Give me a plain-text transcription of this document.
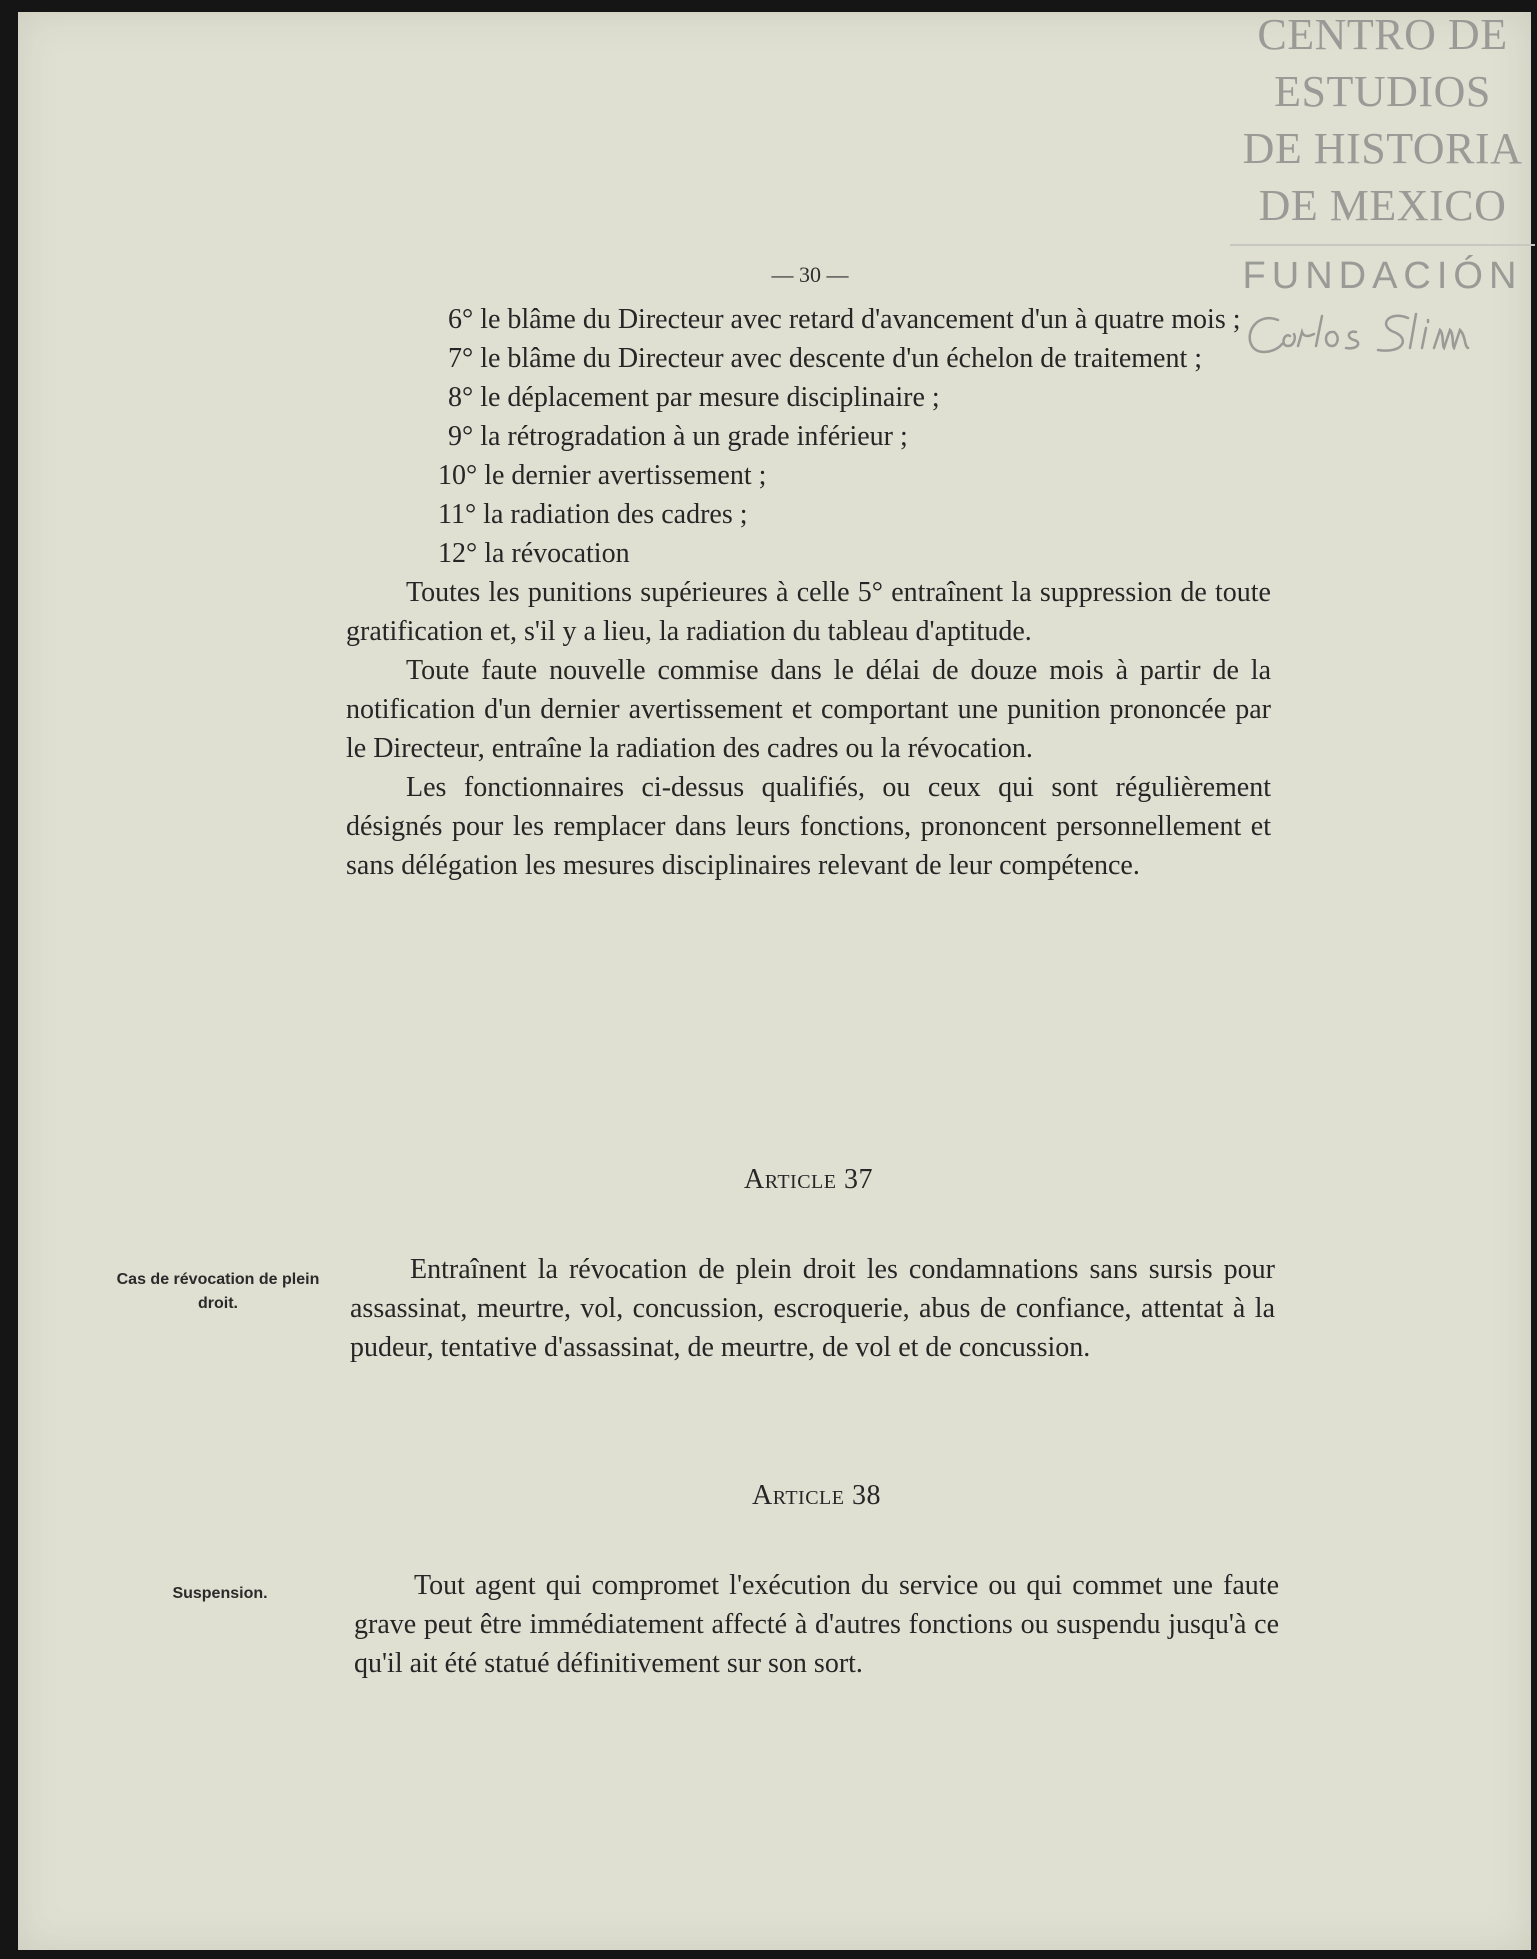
CENTRO DE
ESTUDIOS
DE HISTORIA
DE MEXICO
FUNDACIÓN
— 30 —

6° le blâme du Directeur avec retard d'avancement d'un à quatre mois ;

7° le blâme du Directeur avec descente d'un échelon de traitement ;

8° le déplacement par mesure disciplinaire ;

9° la rétrogradation à un grade inférieur ;

10° le dernier avertissement ;

11° la radiation des cadres ;

12° la révocation

Toutes les punitions supérieures à celle 5° entraînent la suppression de toute gratification et, s'il y a lieu, la radiation du tableau d'aptitude.

Toute faute nouvelle commise dans le délai de douze mois à partir de la notification d'un dernier avertissement et comportant une punition prononcée par le Directeur, entraîne la radiation des cadres ou la révocation.

Les fonctionnaires ci-dessus qualifiés, ou ceux qui sont régulièrement désignés pour les remplacer dans leurs fonctions, prononcent personnellement et sans délégation les mesures disciplinaires relevant de leur compétence.

Article 37
Cas de révocation de plein droit.

Entraînent la révocation de plein droit les condamnations sans sursis pour assassinat, meurtre, vol, concussion, escroquerie, abus de confiance, attentat à la pudeur, tentative d'assassinat, de meurtre, de vol et de concussion.

Article 38
Suspension.	Tout agent qui compromet l'exécution du service ou qui commet une faute grave peut être immédiatement affecté à d'autres fonctions ou suspendu jusqu'à ce qu'il ait été statué définitivement sur son sort.
